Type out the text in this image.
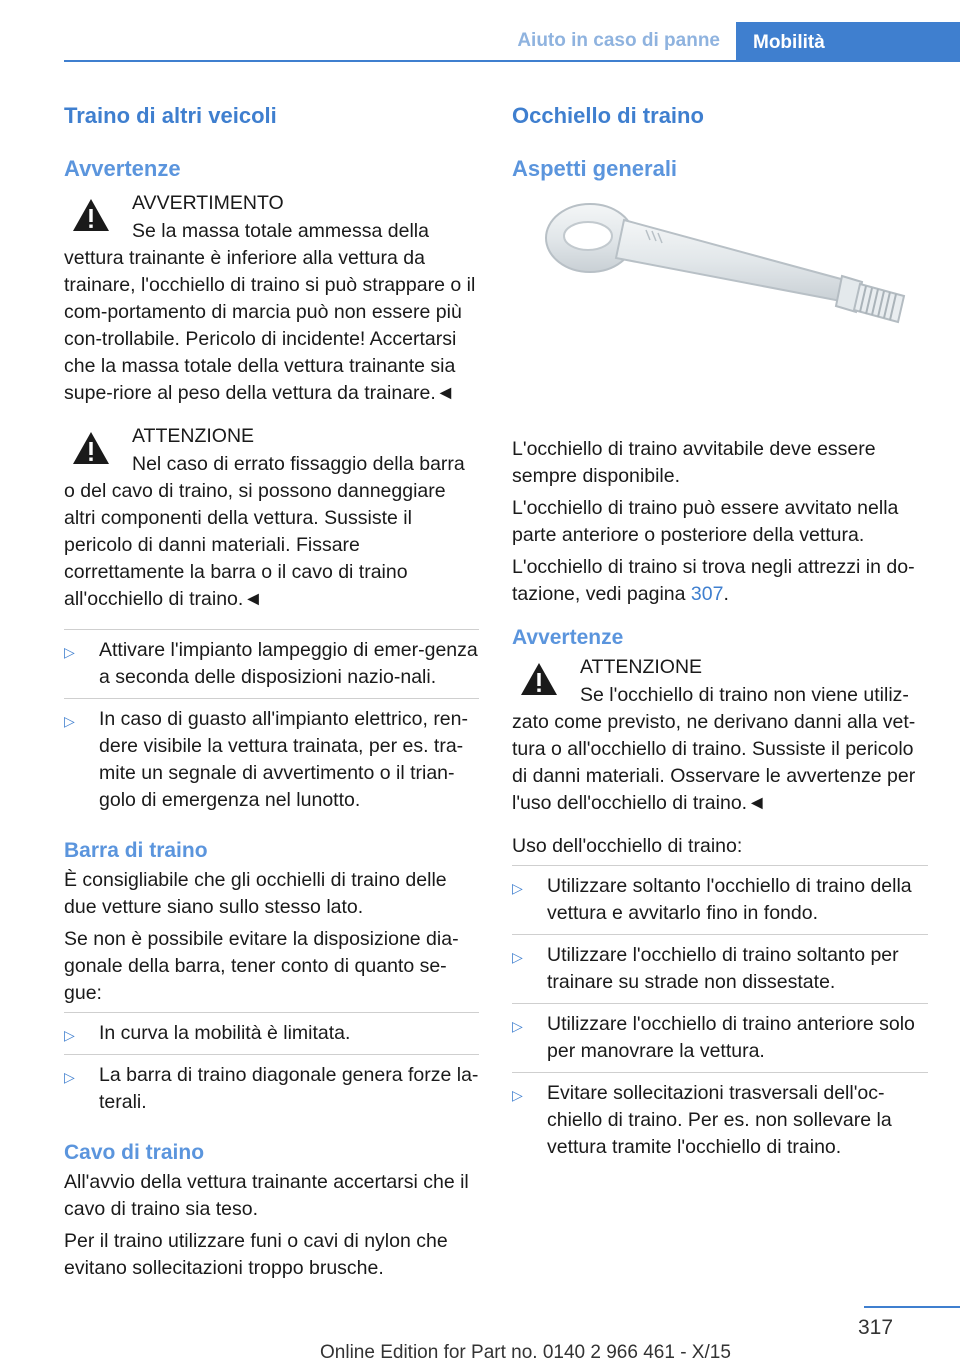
Aiuto in caso di panne	Mobilità
Traino di altri veicoli
Avvertenze
AVVERTIMENTO
Se la massa totale ammessa della vettura trainante è inferiore alla vettura da trainare, l'occhiello di traino si può strappare o il com-portamento di marcia può non essere più con-trollabile. Pericolo di incidente! Accertarsi che la massa totale della vettura trainante sia supe-riore al peso della vettura da trainare.◄
ATTENZIONE
Nel caso di errato fissaggio della barra o del cavo di traino, si possono danneggiare altri componenti della vettura. Sussiste il pericolo di danni materiali. Fissare correttamente la barra o il cavo di traino all'occhiello di traino.◄
▷ Attivare l'impianto lampeggio di emer-genza a seconda delle disposizioni nazio-nali.
▷ In caso di guasto all'impianto elettrico, ren-dere visibile la vettura trainata, per es. tra-mite un segnale di avvertimento o il trian-golo di emergenza nel lunotto.
Barra di traino

È consigliabile che gli occhielli di traino delle due vetture siano sullo stesso lato.

Se non è possibile evitare la disposizione dia-gonale della barra, tener conto di quanto se-gue:

▷ In curva la mobilità è limitata.
▷ La barra di traino diagonale genera forze la-terali.
Cavo di traino

All'avvio della vettura trainante accertarsi che il cavo di traino sia teso.

Per il traino utilizzare funi o cavi di nylon che evitano sollecitazioni troppo brusche.

Occhiello di traino
Aspetti generali

L'occhiello di traino avvitabile deve essere sempre disponibile.

L'occhiello di traino può essere avvitato nella parte anteriore o posteriore della vettura.

L'occhiello di traino si trova negli attrezzi in do-tazione, vedi pagina 307.

Avvertenze
ATTENZIONE
Se l'occhiello di traino non viene utiliz-zato come previsto, ne derivano danni alla vet-tura o all'occhiello di traino. Sussiste il pericolo di danni materiali. Osservare le avvertenze per l'uso dell'occhiello di traino.◄

Uso dell'occhiello di traino:

▷ Utilizzare soltanto l'occhiello di traino della vettura e avvitarlo fino in fondo.
▷ Utilizzare l'occhiello di traino soltanto per trainare su strade non dissestate.
▷ Utilizzare l'occhiello di traino anteriore solo per manovrare la vettura.
▷ Evitare sollecitazioni trasversali dell'oc-chiello di traino. Per es. non sollevare la vettura tramite l'occhiello di traino.
317
Online Edition for Part no. 0140 2 966 461 - X/15
